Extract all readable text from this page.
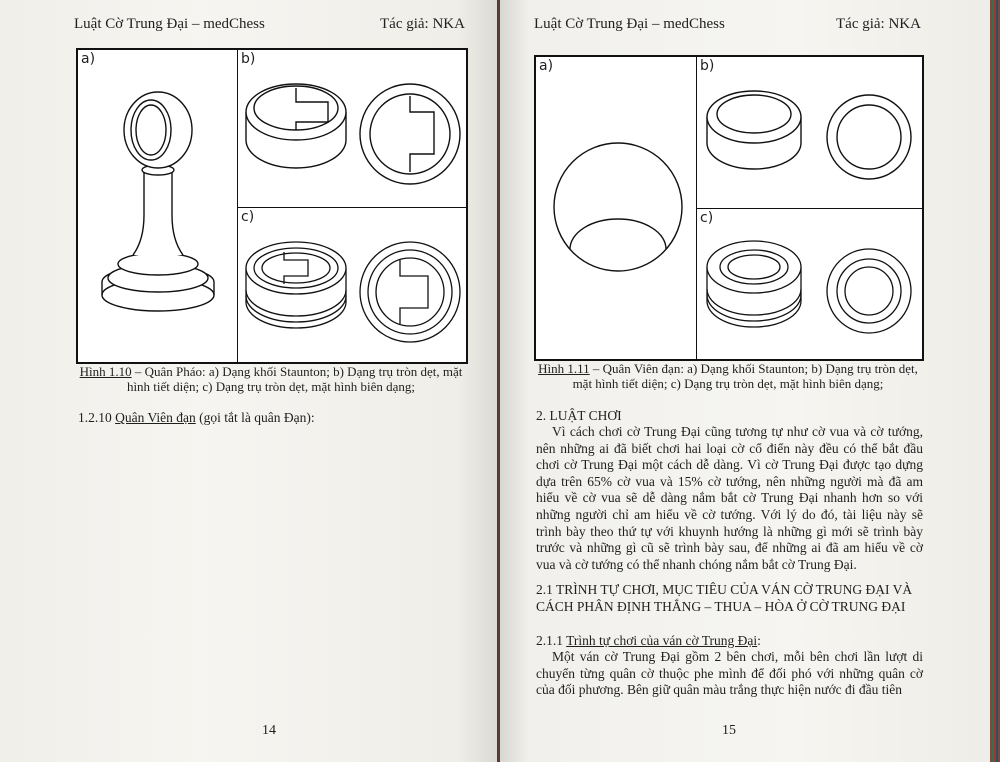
Luật Cờ Trung Đại – medChess	Tác giả: NKA
a)	b)
c)
Hình 1.10 – Quân Pháo: a) Dạng khối Staunton; b) Dạng trụ tròn dẹt, mặt hình tiết diện; c) Dạng trụ tròn dẹt, mặt hình biên dạng;
1.2.10 Quân Viên đạn (gọi tắt là quân Đạn):
14
Luật Cờ Trung Đại – medChess	Tác giả: NKA
a)	b)
c)
Hình 1.11 – Quân Viên đạn: a) Dạng khối Staunton; b) Dạng trụ tròn dẹt, mặt hình tiết diện; c) Dạng trụ tròn dẹt, mặt hình biên dạng;
2. LUẬT CHƠI

Vì cách chơi cờ Trung Đại cũng tương tự như cờ vua và cờ tướng, nên những ai đã biết chơi hai loại cờ cổ điển này đều có thể bắt đầu chơi cờ Trung Đại một cách dễ dàng. Vì cờ Trung Đại được tạo dựng dựa trên 65% cờ vua và 15% cờ tướng, nên những người mà đã am hiểu về cờ vua sẽ dễ dàng nắm bắt cờ Trung Đại nhanh hơn so với những người chỉ am hiểu về cờ tướng. Với lý do đó, tài liệu này sẽ trình bày theo thứ tự với khuynh hướng là những gì mới sẽ trình bày trước và những gì cũ sẽ trình bày sau, để những ai đã am hiểu về cờ vua và cờ tướng có thể nhanh chóng nắm bắt cờ Trung Đại.

2.1 TRÌNH TỰ CHƠI, MỤC TIÊU CỦA VÁN CỜ TRUNG ĐẠI VÀ CÁCH PHÂN ĐỊNH THẮNG – THUA – HÒA Ở CỜ TRUNG ĐẠI
2.1.1 Trình tự chơi của ván cờ Trung Đại:

Một ván cờ Trung Đại gồm 2 bên chơi, mỗi bên chơi lần lượt di chuyển từng quân cờ thuộc phe mình để đối phó với những quân cờ của đối phương. Bên giữ quân màu trắng thực hiện nước đi đầu tiên

15
